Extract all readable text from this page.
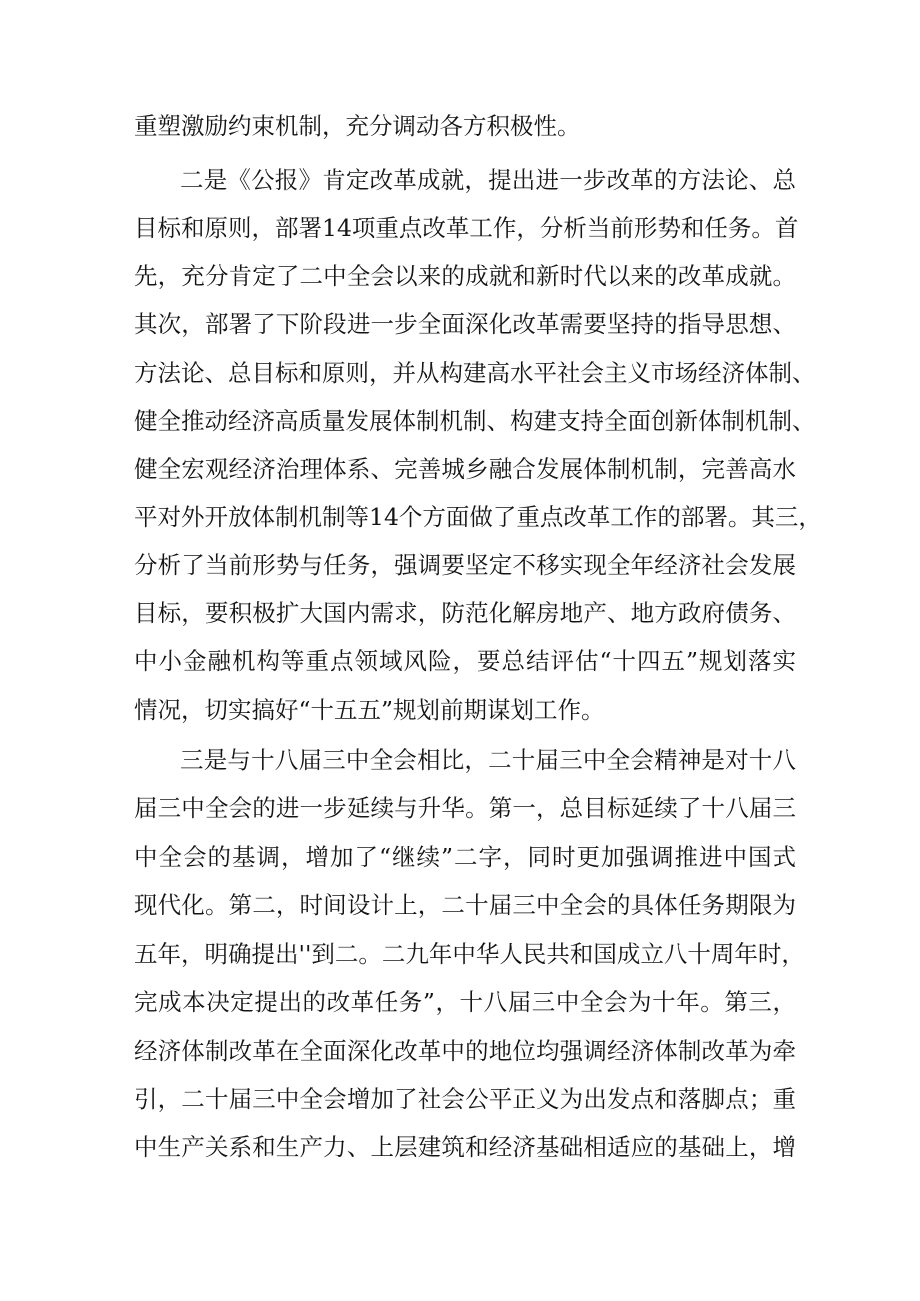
重塑激励约束机制，充分调动各方积极性。
二是《公报》肯定改革成就，提出进一步改革的方法论、总
目标和原则，部署14项重点改革工作，分析当前形势和任务。首
先，充分肯定了二中全会以来的成就和新时代以来的改革成就。
其次，部署了下阶段进一步全面深化改革需要坚持的指导思想、
方法论、总目标和原则，并从构建高水平社会主义市场经济体制、
健全推动经济高质量发展体制机制、构建支持全面创新体制机制、
健全宏观经济治理体系、完善城乡融合发展体制机制，完善高水
平对外开放体制机制等14个方面做了重点改革工作的部署。其三，
分析了当前形势与任务，强调要坚定不移实现全年经济社会发展
目标，要积极扩大国内需求，防范化解房地产、地方政府债务、
中小金融机构等重点领域风险，要总结评估“十四五”规划落实
情况，切实搞好“十五五”规划前期谋划工作。
三是与十八届三中全会相比，二十届三中全会精神是对十八
届三中全会的进一步延续与升华。第一，总目标延续了十八届三
中全会的基调，增加了“继续”二字，同时更加强调推进中国式
现代化。第二，时间设计上，二十届三中全会的具体任务期限为
五年，明确提出''到二。二九年中华人民共和国成立八十周年时，
完成本决定提出的改革任务”，十八届三中全会为十年。第三，
经济体制改革在全面深化改革中的地位均强调经济体制改革为牵
引，二十届三中全会增加了社会公平正义为出发点和落脚点；重
中生产关系和生产力、上层建筑和经济基础相适应的基础上，增
